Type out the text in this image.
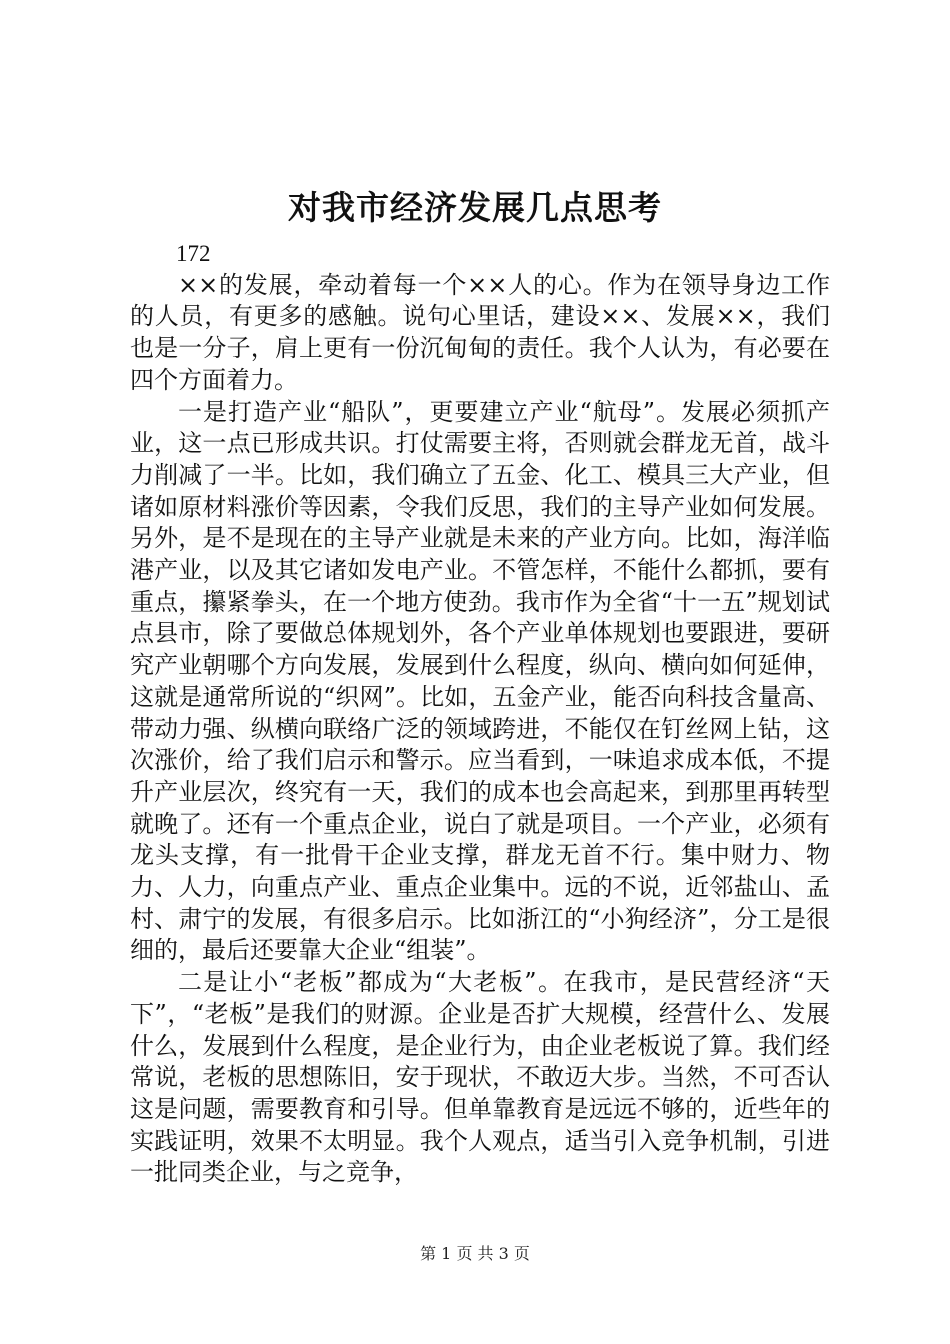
对我市经济发展几点思考

172

××的发展，牵动着每一个××人的心。作为在领导身边工作的人员，有更多的感触。说句心里话，建设××、发展××，我们也是一分子，肩上更有一份沉甸甸的责任。我个人认为，有必要在四个方面着力。

一是打造产业“船队”，更要建立产业“航母”。发展必须抓产业，这一点已形成共识。打仗需要主将，否则就会群龙无首，战斗力削减了一半。比如，我们确立了五金、化工、模具三大产业，但诸如原材料涨价等因素，令我们反思，我们的主导产业如何发展。另外，是不是现在的主导产业就是未来的产业方向。比如，海洋临港产业，以及其它诸如发电产业。不管怎样，不能什么都抓，要有重点，攥紧拳头，在一个地方使劲。我市作为全省“十一五”规划试点县市，除了要做总体规划外，各个产业单体规划也要跟进，要研究产业朝哪个方向发展，发展到什么程度，纵向、横向如何延伸，这就是通常所说的“织网”。比如，五金产业，能否向科技含量高、带动力强、纵横向联络广泛的领域跨进，不能仅在钉丝网上钻，这次涨价，给了我们启示和警示。应当看到，一味追求成本低，不提升产业层次，终究有一天，我们的成本也会高起来，到那里再转型就晚了。还有一个重点企业，说白了就是项目。一个产业，必须有龙头支撑，有一批骨干企业支撑，群龙无首不行。集中财力、物力、人力，向重点产业、重点企业集中。远的不说，近邻盐山、孟村、肃宁的发展，有很多启示。比如浙江的“小狗经济”，分工是很细的，最后还要靠大企业“组装”。

二是让小“老板”都成为“大老板”。在我市，是民营经济“天下”，“老板”是我们的财源。企业是否扩大规模，经营什么、发展什么，发展到什么程度，是企业行为，由企业老板说了算。我们经常说，老板的思想陈旧，安于现状，不敢迈大步。当然，不可否认这是问题，需要教育和引导。但单靠教育是远远不够的，近些年的实践证明，效果不太明显。我个人观点，适当引入竞争机制，引进一批同类企业，与之竞争，

第 1 页 共 3 页
